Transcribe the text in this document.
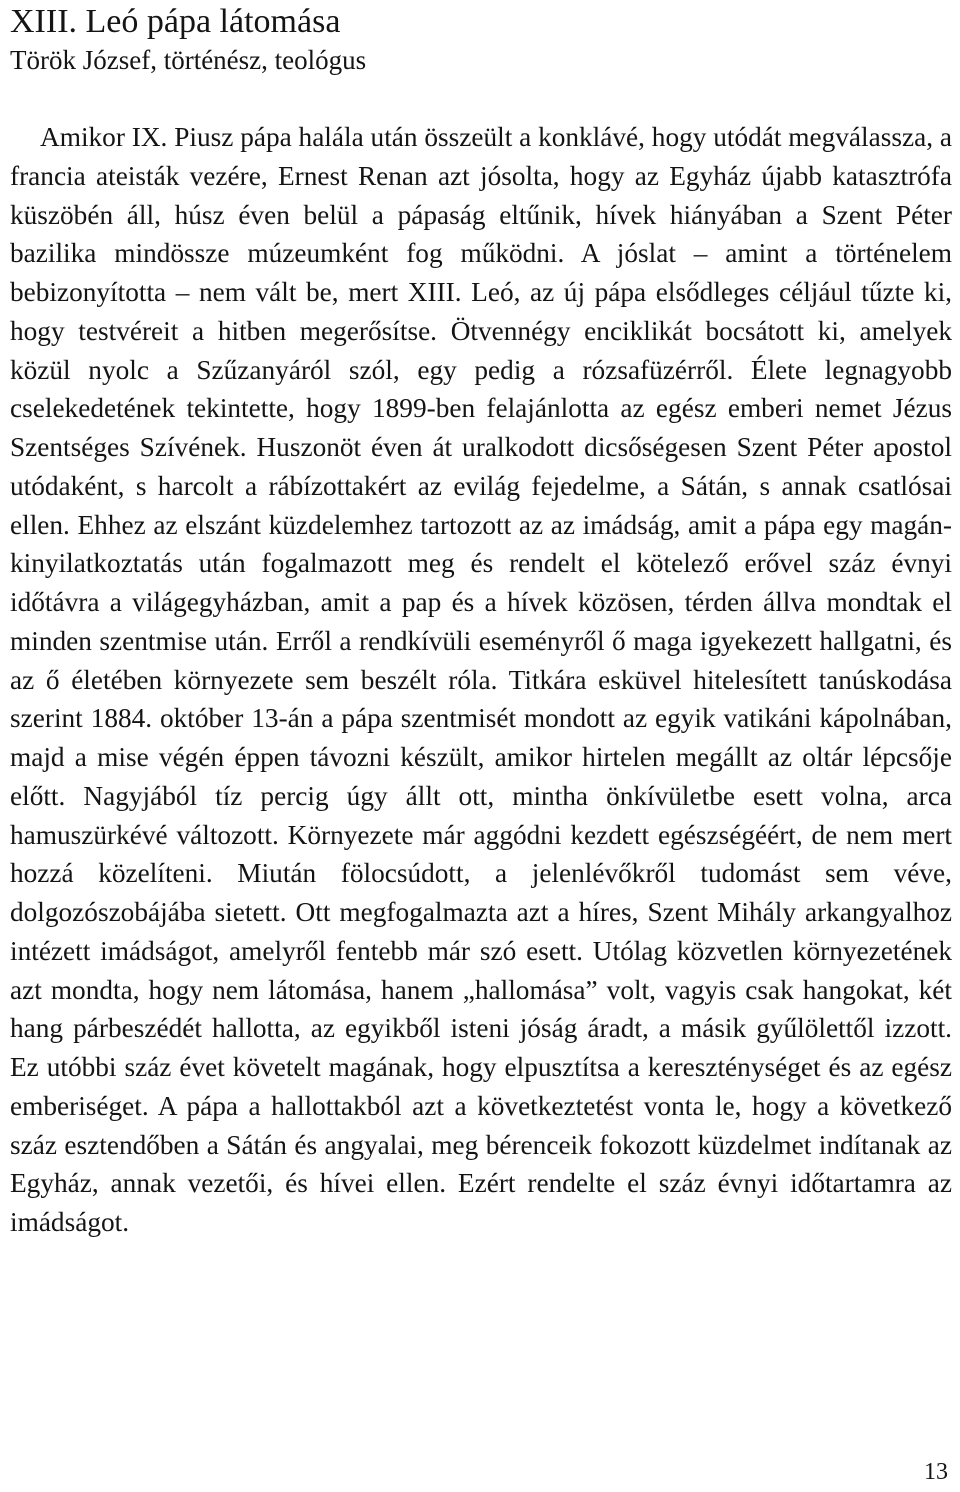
XIII. Leó pápa látomása
Török József, történész, teológus

Amikor IX. Piusz pápa halála után összeült a konklávé, hogy utódát megválassza, a francia ateisták vezére, Ernest Renan azt jósolta, hogy az Egyház újabb katasztrófa küszöbén áll, húsz éven belül a pápaság eltűnik, hívek hiányában a Szent Péter bazilika mindössze múzeumként fog működni. A jóslat – amint a történelem bebizonyította – nem vált be, mert XIII. Leó, az új pápa elsődleges céljául tűzte ki, hogy testvéreit a hitben megerősítse. Ötvennégy enciklikát bocsátott ki, amelyek közül nyolc a Szűzanyáról szól, egy pedig a rózsafüzérről. Élete legnagyobb cselekedetének tekintette, hogy 1899-ben felajánlotta az egész emberi nemet Jézus Szentséges Szívének. Huszonöt éven át uralkodott dicsőségesen Szent Péter apostol utódaként, s harcolt a rábízottakért az evilág fejedelme, a Sátán, s annak csatlósai ellen. Ehhez az elszánt küzdelemhez tartozott az az imádság, amit a pápa egy magán-kinyilatkoztatás után fogalmazott meg és rendelt el kötelező erővel száz évnyi időtávra a világegyházban, amit a pap és a hívek közösen, térden állva mondtak el minden szentmise után. Erről a rendkívüli eseményről ő maga igyekezett hallgatni, és az ő életében környezete sem beszélt róla. Titkára esküvel hitelesített tanúskodása szerint 1884. október 13-án a pápa szentmisét mondott az egyik vatikáni kápolnában, majd a mise végén éppen távozni készült, amikor hirtelen megállt az oltár lépcsője előtt. Nagyjából tíz percig úgy állt ott, mintha önkívületbe esett volna, arca hamuszürkévé változott. Környezete már aggódni kezdett egészségéért, de nem mert hozzá közelíteni. Miután fölocsúdott, a jelenlévőkről tudomást sem véve, dolgozószobájába sietett. Ott megfogalmazta azt a híres, Szent Mihály arkangyalhoz intézett imádságot, amelyről fentebb már szó esett. Utólag közvetlen környezetének azt mondta, hogy nem látomása, hanem „hallomása” volt, vagyis csak hangokat, két hang párbeszédét hallotta, az egyikből isteni jóság áradt, a másik gyűlölettől izzott. Ez utóbbi száz évet követelt magának, hogy elpusztítsa a kereszténységet és az egész emberiséget. A pápa a hallottakból azt a következtetést vonta le, hogy a következő száz esztendőben a Sátán és angyalai, meg bérenceik fokozott küzdelmet indítanak az Egyház, annak vezetői, és hívei ellen. Ezért rendelte el száz évnyi időtartamra az imádságot.

13
